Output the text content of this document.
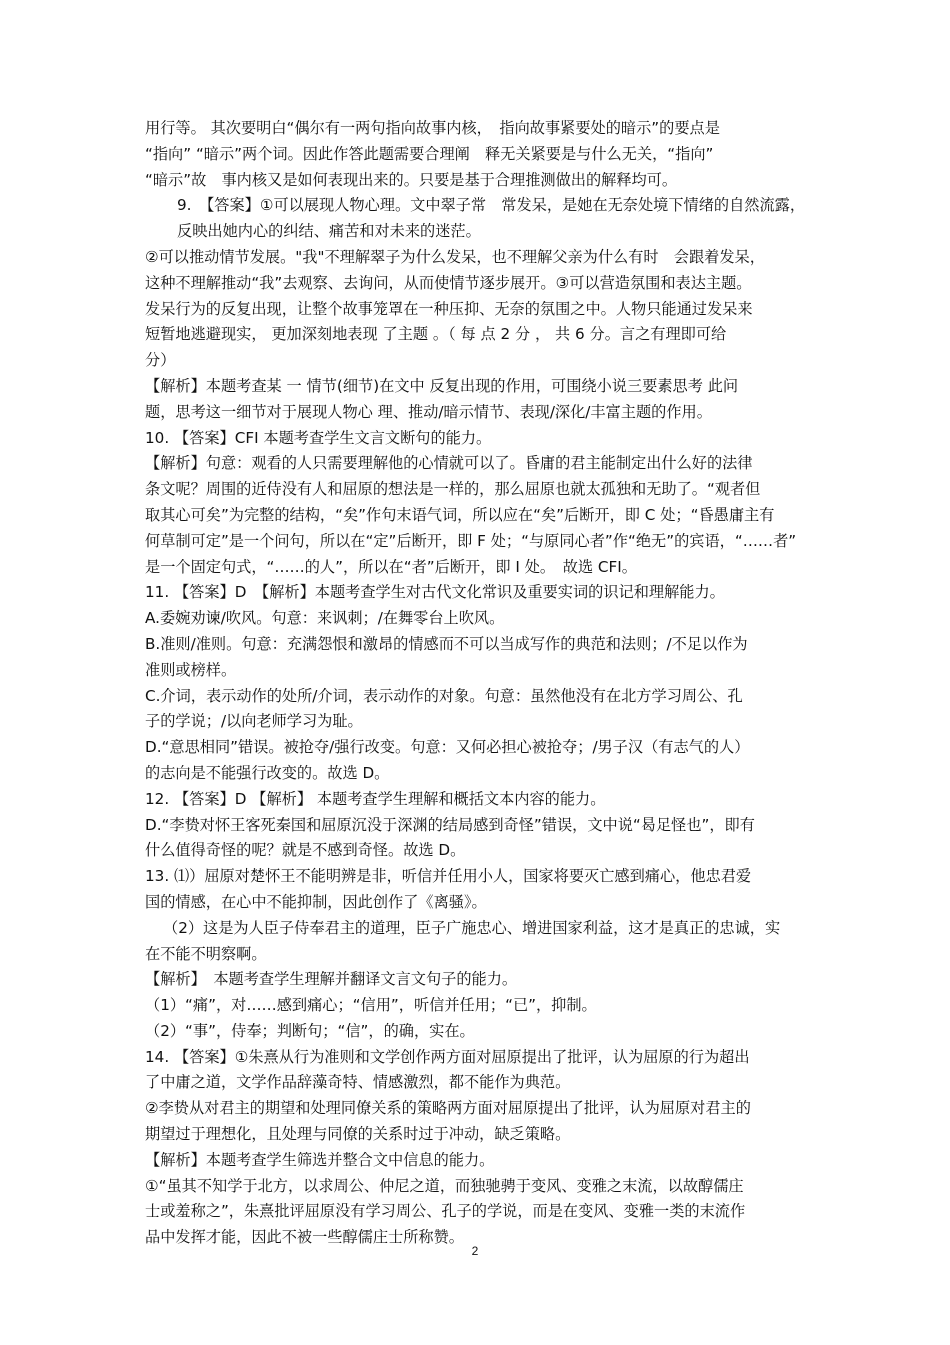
用行等。 其次要明白“偶尔有一两句指向故事内核，　指向故事紧要处的暗示”的要点是
“指向” “暗示”两个词。因此作答此题需要合理阐　释无关紧要是与什么无关，“指向”
“暗示”故　事内核又是如何表现出来的。只要是基于合理推测做出的解释均可。
9.　【答案】①可以展现人物心理。文中翠子常　常发呆，是她在无奈处境下情绪的自然流露，反映出她内心的纠结、痛苦和对未来的迷茫。
②可以推动情节发展。"我"不理解翠子为什么发呆，也不理解父亲为什么有时　会跟着发呆，
这种不理解推动“我”去观察、去询问，从而使情节逐步展开。③可以营造氛围和表达主题。
发呆行为的反复出现，让整个故事笼罩在一种压抑、无奈的氛围之中。人物只能通过发呆来
短暂地逃避现实， 更加深刻地表现 了主题 。（ 每 点 2 分 ， 共 6 分。言之有理即可给
分）
【解析】本题考查某 一 情节(细节)在文中 反复出现的作用，可围绕小说三要素思考 此问
题，思考这一细节对于展现人物心 理、推动/暗示情节、表现/深化/丰富主题的作用。
10. 【答案】CFI 本题考查学生文言文断句的能力。
【解析】句意：观看的人只需要理解他的心情就可以了。昏庸的君主能制定出什么好的法律
条文呢？周围的近侍没有人和屈原的想法是一样的，那么屈原也就太孤独和无助了。“观者但
取其心可矣”为完整的结构，“矣”作句末语气词，所以应在“矣”后断开，即 C 处；“昏愚庸主有
何草制可定”是一个问句，所以在“定”后断开，即 F 处；“与原同心者”作“绝无”的宾语，“……者”
是一个固定句式，“……的人”，所以在“者”后断开，即 I 处。　故选 CFI。
11. 【答案】D　【解析】本题考查学生对古代文化常识及重要实词的识记和理解能力。
A.委婉劝谏/吹风。句意：来讽刺；/在舞零台上吹风。
B.准则/准则。句意：充满怨恨和激昂的情感而不可以当成写作的典范和法则；/不足以作为
准则或榜样。
C.介词，表示动作的处所/介词，表示动作的对象。句意：虽然他没有在北方学习周公、孔
子的学说；/以向老师学习为耻。
D.“意思相同”错误。被抢夺/强行改变。句意：又何必担心被抢夺；/男子汉（有志气的人）
的志向是不能强行改变的。故选 D。
12. 【答案】D 【解析】 本题考查学生理解和概括文本内容的能力。
D.“李贽对怀王客死秦国和屈原沉没于深渊的结局感到奇怪”错误，文中说“曷足怪也”，即有
什么值得奇怪的呢？就是不感到奇怪。故选 D。
13. ⑴）屈原对楚怀王不能明辨是非，听信并任用小人，国家将要灭亡感到痛心，他忠君爱
国的情感，在心中不能抑制，因此创作了《离骚》。
（2）这是为人臣子侍奉君主的道理，臣子广施忠心、增进国家利益，这才是真正的忠诚，实
在不能不明察啊。
【解析】　本题考查学生理解并翻译文言文句子的能力。
（1）“痛”，对……感到痛心；“信用”，听信并任用；“已”，抑制。
（2）“事”，侍奉；判断句；“信”，的确，实在。
14. 【答案】①朱熹从行为准则和文学创作两方面对屈原提出了批评，认为屈原的行为超出
了中庸之道，文学作品辞藻奇特、情感激烈，都不能作为典范。
②李贽从对君主的期望和处理同僚关系的策略两方面对屈原提出了批评，认为屈原对君主的
期望过于理想化，且处理与同僚的关系时过于冲动，缺乏策略。
【解析】本题考查学生筛选并整合文中信息的能力。
①“虽其不知学于北方，以求周公、仲尼之道，而独驰骋于变风、变雅之末流，以故醇儒庄
士或羞称之”，朱熹批评屈原没有学习周公、孔子的学说，而是在变风、变雅一类的末流作
品中发挥才能，因此不被一些醇儒庄士所称赞。
2
